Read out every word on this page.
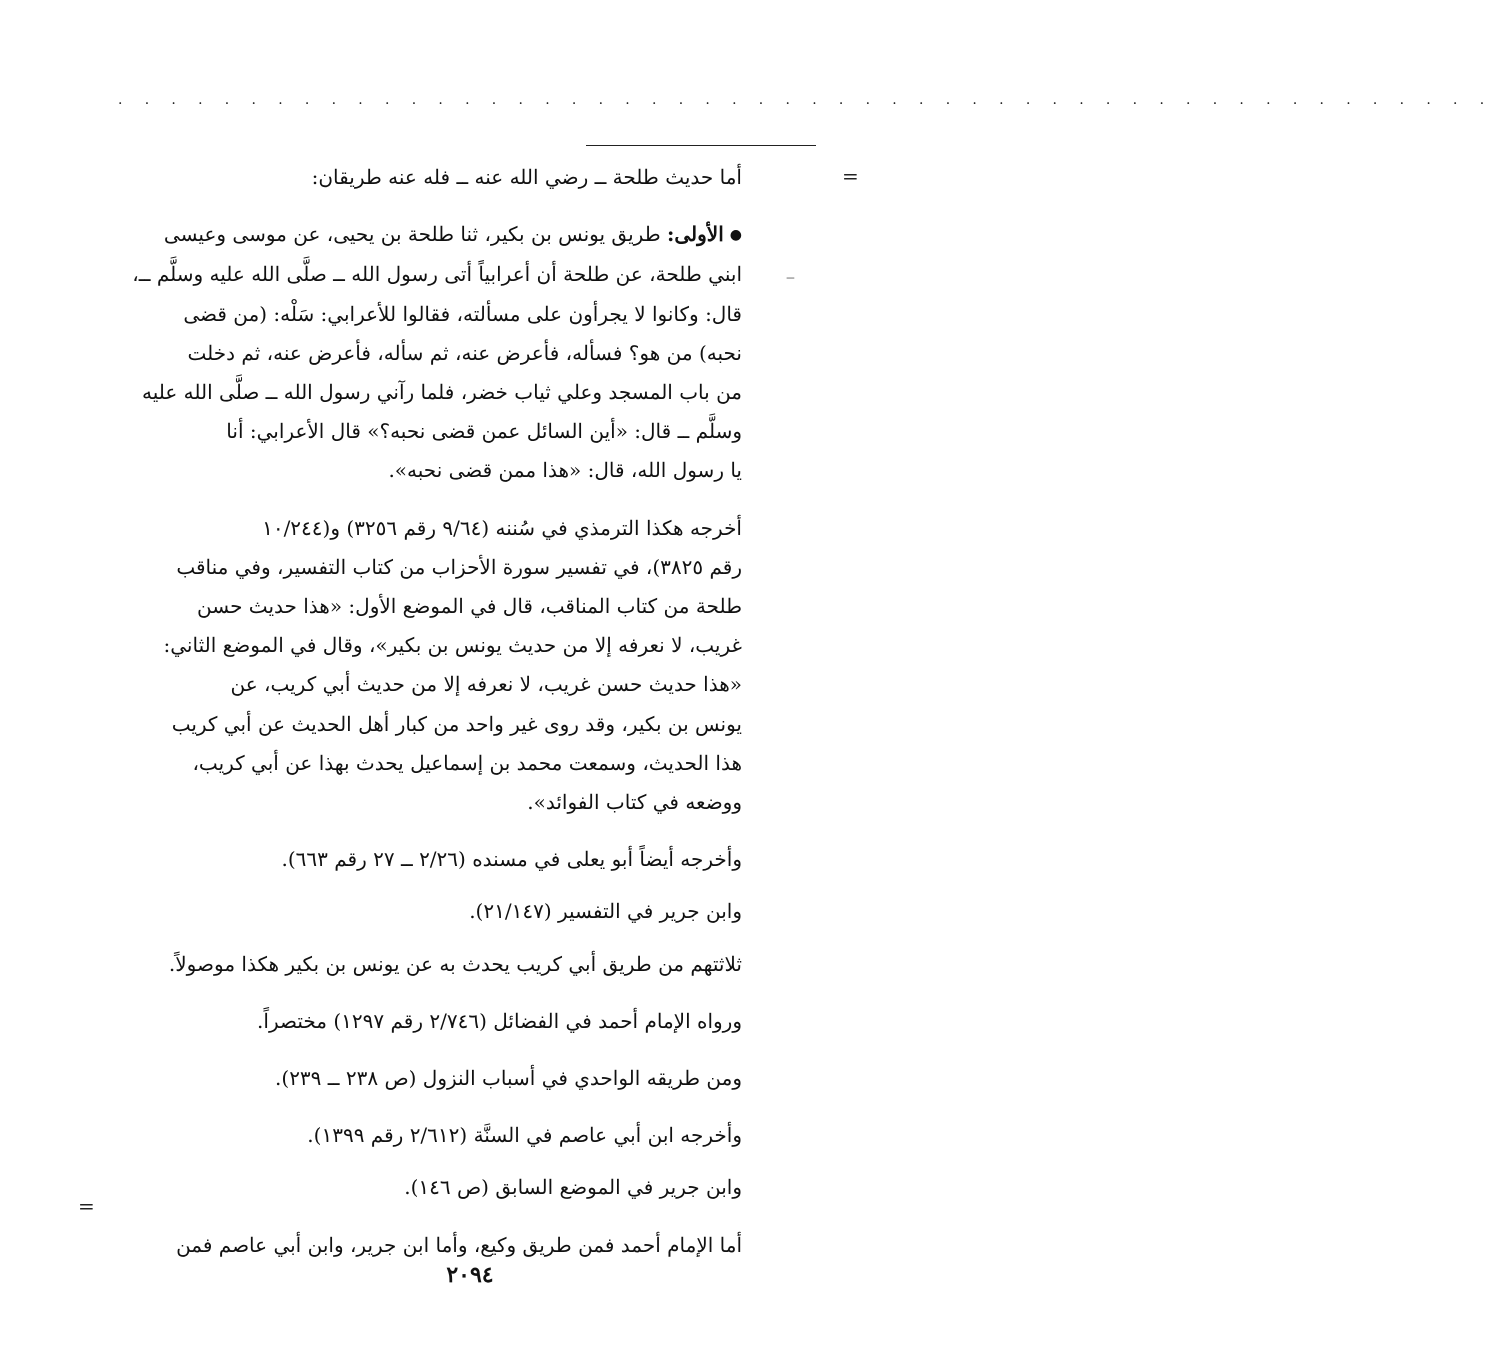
· · · · · · · · · · · · · · · · · · · · · · · · · · · · · · · · · · · · · · · · · · · · · · · · · · · ·
=
‒

أما حديث طلحة ــ رضي الله عنه ــ فله عنه طريقان:

●الأولى: طريق يونس بن بكير، ثنا طلحة بن يحيى، عن موسى وعيسى
ابني طلحة، عن طلحة أن أعرابياً أتى رسول الله ــ صلَّى الله عليه وسلَّم ــ،
قال: وكانوا لا يجرأون على مسألته، فقالوا للأعرابي: سَلْه: (من قضى
نحبه) من هو؟ فسأله، فأعرض عنه، ثم سأله، فأعرض عنه، ثم دخلت
من باب المسجد وعلي ثياب خضر، فلما رآني رسول الله ــ صلَّى الله عليه
وسلَّم ــ قال: «أين السائل عمن قضى نحبه؟» قال الأعرابي: أنا
يا رسول الله، قال: «هذا ممن قضى نحبه».
أخرجه هكذا الترمذي في سُننه (٩/٦٤ رقم ٣٢٥٦) و(١٠/٢٤٤
رقم ٣٨٢٥)، في تفسير سورة الأحزاب من كتاب التفسير، وفي مناقب
طلحة من كتاب المناقب، قال في الموضع الأول: «هذا حديث حسن
غريب، لا نعرفه إلا من حديث يونس بن بكير»، وقال في الموضع الثاني:
«هذا حديث حسن غريب، لا نعرفه إلا من حديث أبي كريب، عن
يونس بن بكير، وقد روى غير واحد من كبار أهل الحديث عن أبي كريب
هذا الحديث، وسمعت محمد بن إسماعيل يحدث بهذا عن أبي كريب،
ووضعه في كتاب الفوائد».
وأخرجه أيضاً أبو يعلى في مسنده (٢/٢٦ ــ ٢٧ رقم ٦٦٣).
وابن جرير في التفسير (٢١/١٤٧).
ثلاثتهم من طريق أبي كريب يحدث به عن يونس بن بكير هكذا موصولاً.
ورواه الإمام أحمد في الفضائل (٢/٧٤٦ رقم ١٢٩٧) مختصراً.
ومن طريقه الواحدي في أسباب النزول (ص ٢٣٨ ــ ٢٣٩).
وأخرجه ابن أبي عاصم في السنَّة (٢/٦١٢ رقم ١٣٩٩).
وابن جرير في الموضع السابق (ص ١٤٦).
أما الإمام أحمد فمن طريق وكيع، وأما ابن جرير، وابن أبي عاصم فمن
=
٢٠٩٤
